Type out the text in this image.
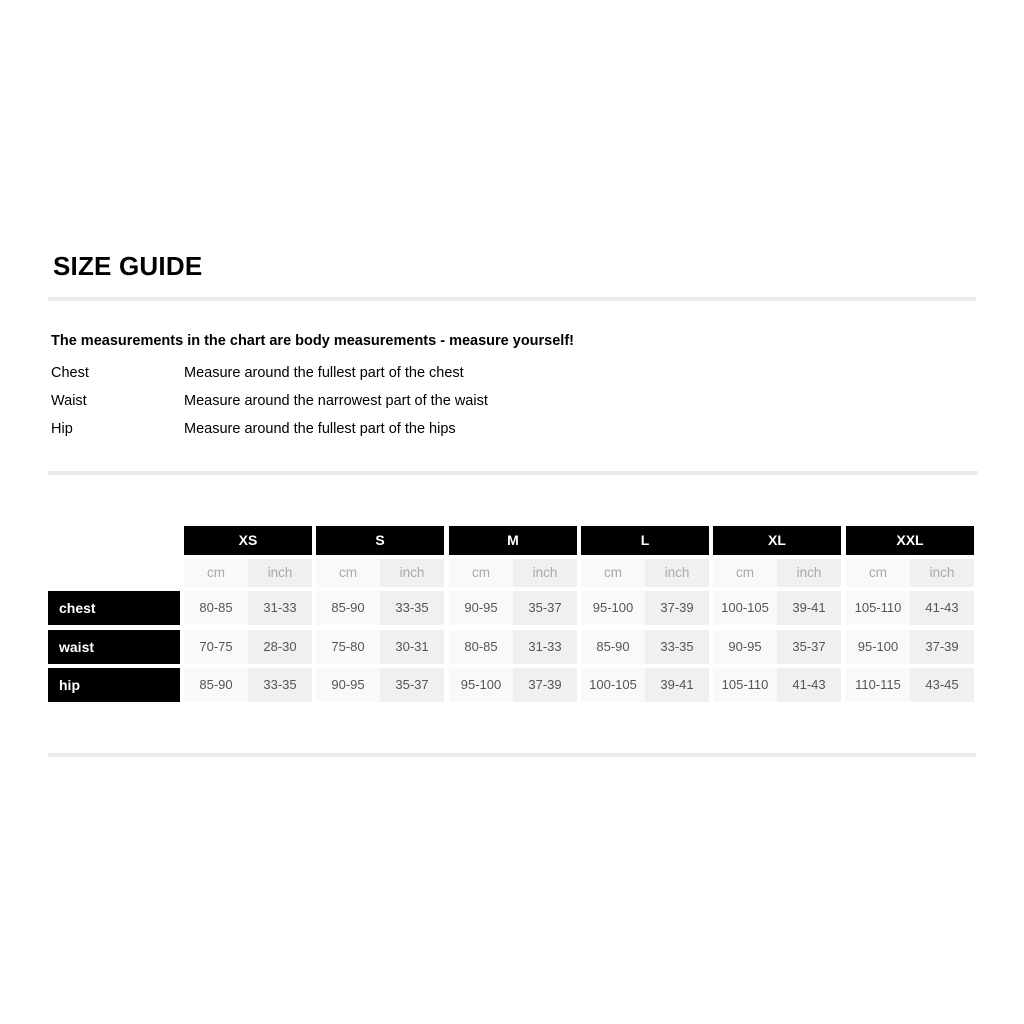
SIZE GUIDE
The measurements in the chart are body measurements - measure yourself!
Chest	Measure around the fullest part of the chest
Waist	Measure around the narrowest part of the waist
Hip	Measure around the fullest part of the hips
XS
cm	inch
S
cm	inch
M
cm	inch
L
cm	inch
XL
cm	inch
XXL
cm	inch
chest	80-85	31-33	85-90	33-35	90-95	35-37	95-100	37-39	100-105	39-41	105-110	41-43
waist	70-75	28-30	75-80	30-31	80-85	31-33	85-90	33-35	90-95	35-37	95-100	37-39
hip	85-90	33-35	90-95	35-37	95-100	37-39	100-105	39-41	105-110	41-43	110-115	43-45
